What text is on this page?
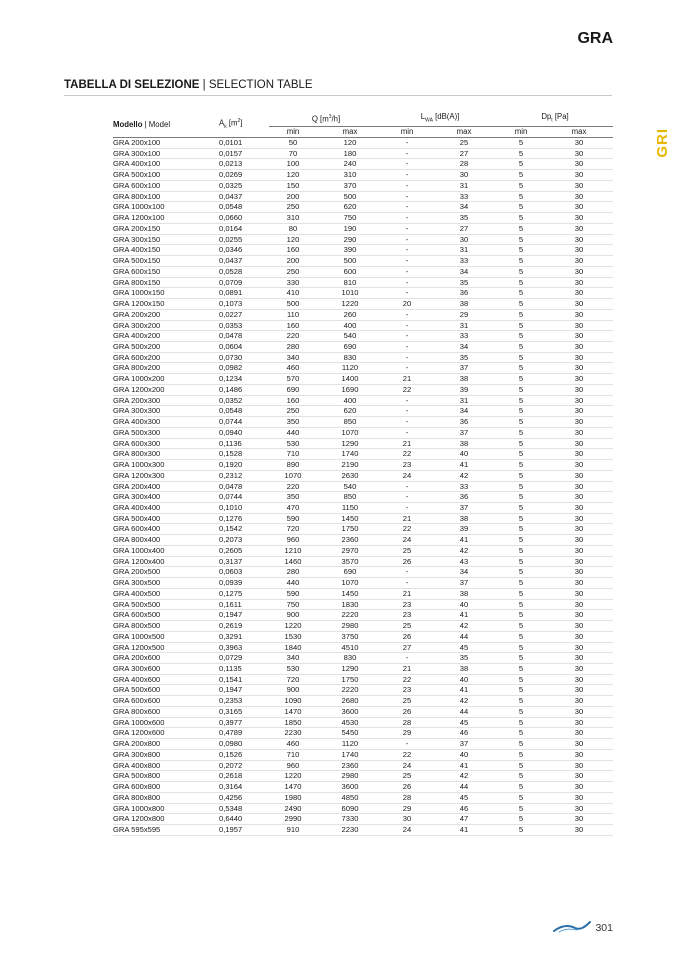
GRA
GRI
TABELLA DI SELEZIONE | SELECTION TABLE
Modello | Model	$A_k$ $[m^2]$	Q $[m^3/h]$		$L_{WA}$ [dB(A)]		$Dp_t$ [Pa]	
		min	max	min	max	min	max
GRA 200x100	0,0101	50	120	-	25	5	30
GRA 300x100	0,0157	70	180	-	27	5	30
GRA 400x100	0,0213	100	240	-	28	5	30
GRA 500x100	0,0269	120	310	-	30	5	30
GRA 600x100	0,0325	150	370	-	31	5	30
GRA 800x100	0,0437	200	500	-	33	5	30
GRA 1000x100	0,0548	250	620	-	34	5	30
GRA 1200x100	0,0660	310	750	-	35	5	30
GRA 200x150	0,0164	80	190	-	27	5	30
GRA 300x150	0,0255	120	290	-	30	5	30
GRA 400x150	0,0346	160	390	-	31	5	30
GRA 500x150	0,0437	200	500	-	33	5	30
GRA 600x150	0,0528	250	600	-	34	5	30
GRA 800x150	0,0709	330	810	-	35	5	30
GRA 1000x150	0,0891	410	1010	-	36	5	30
GRA 1200x150	0,1073	500	1220	20	38	5	30
GRA 200x200	0,0227	110	260	-	29	5	30
GRA 300x200	0,0353	160	400	-	31	5	30
GRA 400x200	0,0478	220	540	-	33	5	30
GRA 500x200	0,0604	280	690	-	34	5	30
GRA 600x200	0,0730	340	830	-	35	5	30
GRA 800x200	0,0982	460	1120	-	37	5	30
GRA 1000x200	0,1234	570	1400	21	38	5	30
GRA 1200x200	0,1486	690	1690	22	39	5	30
GRA 200x300	0,0352	160	400	-	31	5	30
GRA 300x300	0,0548	250	620	-	34	5	30
GRA 400x300	0,0744	350	850	-	36	5	30
GRA 500x300	0,0940	440	1070	-	37	5	30
GRA 600x300	0,1136	530	1290	21	38	5	30
GRA 800x300	0,1528	710	1740	22	40	5	30
GRA 1000x300	0,1920	890	2190	23	41	5	30
GRA 1200x300	0,2312	1070	2630	24	42	5	30
GRA 200x400	0,0478	220	540	-	33	5	30
GRA 300x400	0,0744	350	850	-	36	5	30
GRA 400x400	0,1010	470	1150	-	37	5	30
GRA 500x400	0,1276	590	1450	21	38	5	30
GRA 600x400	0,1542	720	1750	22	39	5	30
GRA 800x400	0,2073	960	2360	24	41	5	30
GRA 1000x400	0,2605	1210	2970	25	42	5	30
GRA 1200x400	0,3137	1460	3570	26	43	5	30
GRA 200x500	0,0603	280	690	-	34	5	30
GRA 300x500	0,0939	440	1070	-	37	5	30
GRA 400x500	0,1275	590	1450	21	38	5	30
GRA 500x500	0,1611	750	1830	23	40	5	30
GRA 600x500	0,1947	900	2220	23	41	5	30
GRA 800x500	0,2619	1220	2980	25	42	5	30
GRA 1000x500	0,3291	1530	3750	26	44	5	30
GRA 1200x500	0,3963	1840	4510	27	45	5	30
GRA 200x600	0,0729	340	830	-	35	5	30
GRA 300x600	0,1135	530	1290	21	38	5	30
GRA 400x600	0,1541	720	1750	22	40	5	30
GRA 500x600	0,1947	900	2220	23	41	5	30
GRA 600x600	0,2353	1090	2680	25	42	5	30
GRA 800x600	0,3165	1470	3600	26	44	5	30
GRA 1000x600	0,3977	1850	4530	28	45	5	30
GRA 1200x600	0,4789	2230	5450	29	46	5	30
GRA 200x800	0,0980	460	1120	-	37	5	30
GRA 300x800	0,1526	710	1740	22	40	5	30
GRA 400x800	0,2072	960	2360	24	41	5	30
GRA 500x800	0,2618	1220	2980	25	42	5	30
GRA 600x800	0,3164	1470	3600	26	44	5	30
GRA 800x800	0,4256	1980	4850	28	45	5	30
GRA 1000x800	0,5348	2490	6090	29	46	5	30
GRA 1200x800	0,6440	2990	7330	30	47	5	30
GRA 595x595	0,1957	910	2230	24	41	5	30
301
